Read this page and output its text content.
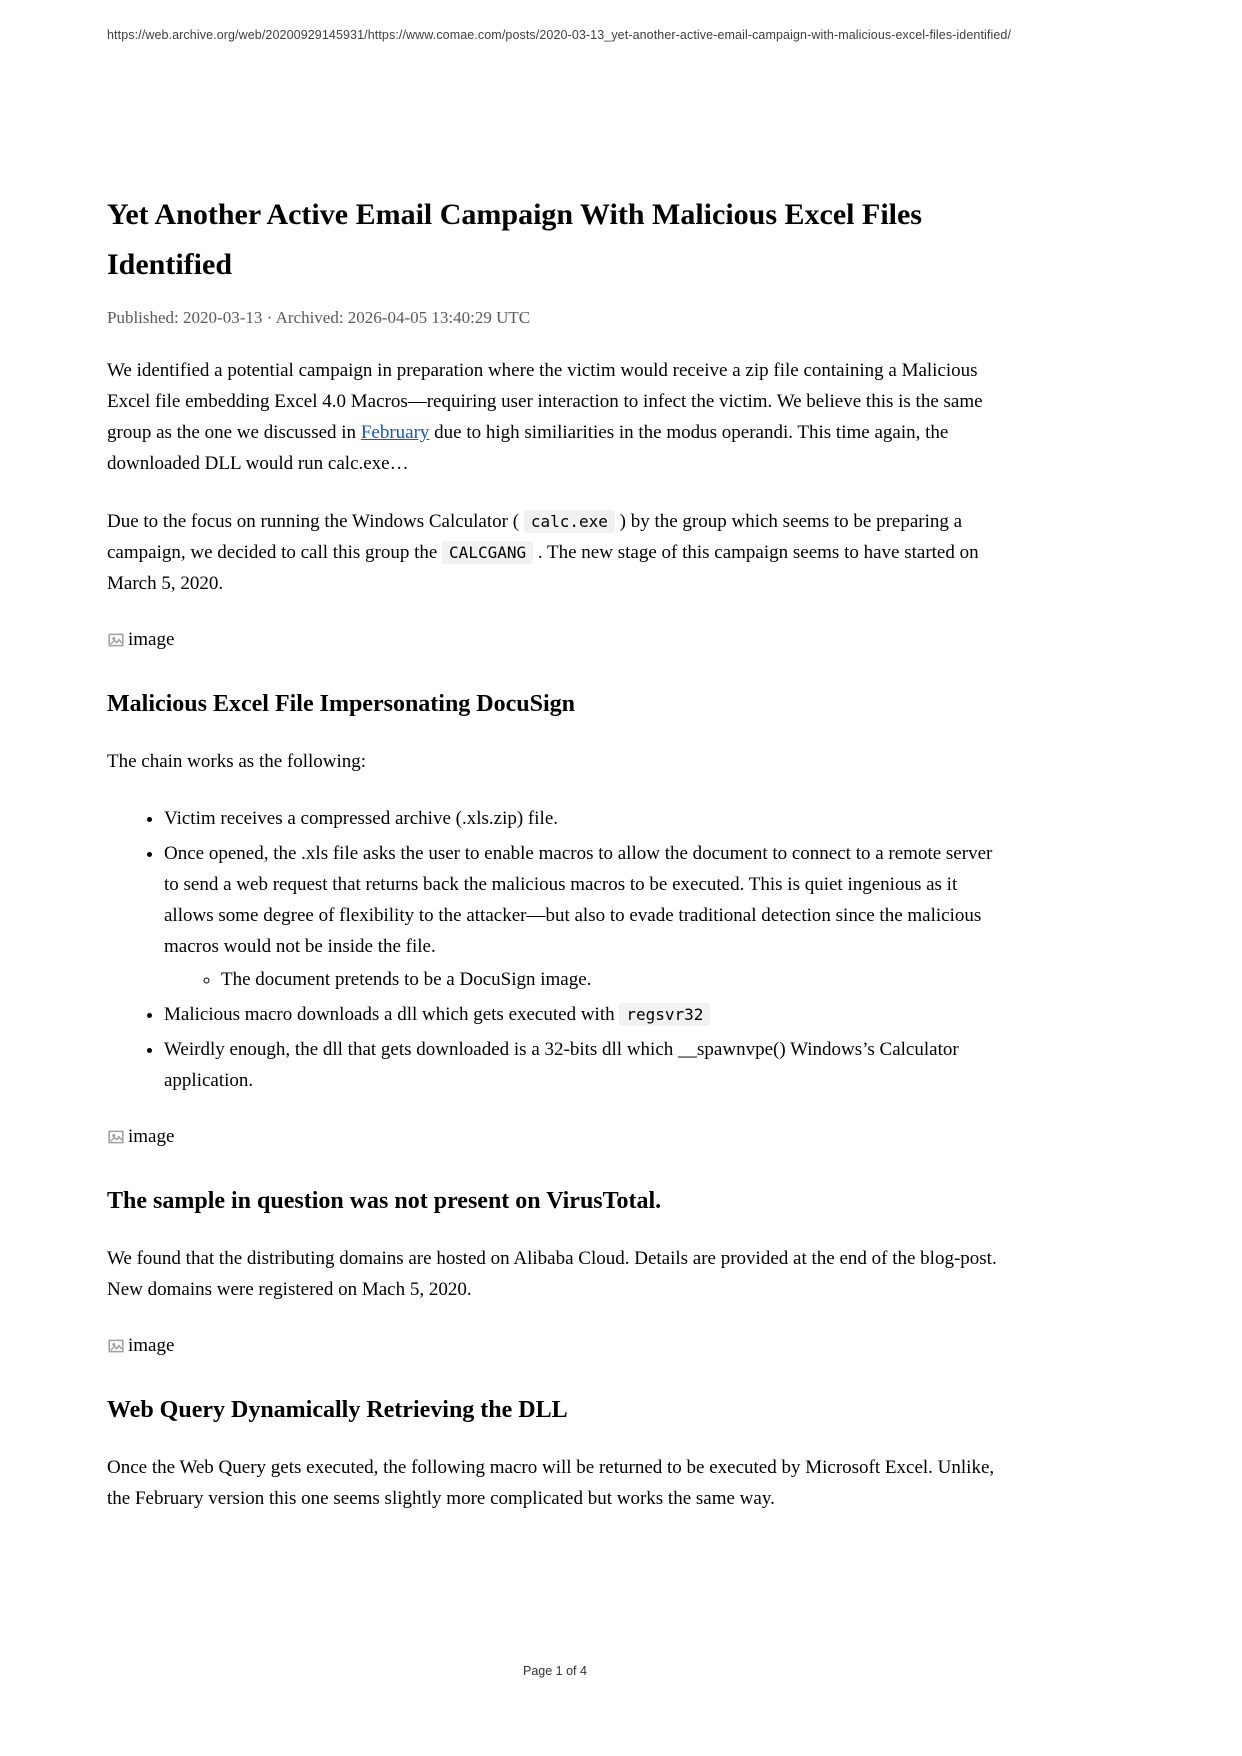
https://web.archive.org/web/20200929145931/https://www.comae.com/posts/2020-03-13_yet-another-active-email-campaign-with-malicious-excel-files-identified/
Yet Another Active Email Campaign With Malicious Excel Files Identified
Published: 2020-03-13 · Archived: 2026-04-05 13:40:29 UTC

We identified a potential campaign in preparation where the victim would receive a zip file containing a Malicious Excel file embedding Excel 4.0 Macros—requiring user interaction to infect the victim. We believe this is the same group as the one we discussed in February due to high similiarities in the modus operandi. This time again, the downloaded DLL would run calc.exe…

Due to the focus on running the Windows Calculator ( calc.exe ) by the group which seems to be preparing a campaign, we decided to call this group the CALCGANG . The new stage of this campaign seems to have started on March 5, 2020.

image
Malicious Excel File Impersonating DocuSign

The chain works as the following:

• Victim receives a compressed archive (.xls.zip) file.
• Once opened, the .xls file asks the user to enable macros to allow the document to connect to a remote server to send a web request that returns back the malicious macros to be executed. This is quiet ingenious as it allows some degree of flexibility to the attacker—but also to evade traditional detection since the malicious macros would not be inside the file.
◦ The document pretends to be a DocuSign image.
• Malicious macro downloads a dll which gets executed with regsvr32
• Weirdly enough, the dll that gets downloaded is a 32-bits dll which __spawnvpe() Windows’s Calculator application.
image
The sample in question was not present on VirusTotal.

We found that the distributing domains are hosted on Alibaba Cloud. Details are provided at the end of the blog-post. New domains were registered on Mach 5, 2020.

image
Web Query Dynamically Retrieving the DLL

Once the Web Query gets executed, the following macro will be returned to be executed by Microsoft Excel. Unlike, the February version this one seems slightly more complicated but works the same way.

Page 1 of 4
